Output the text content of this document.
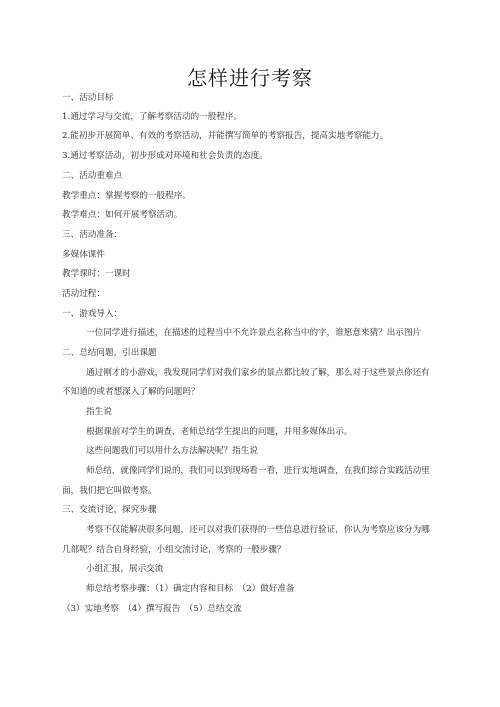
怎样进行考察
一、活动目标
1.通过学习与交流，了解考察活动的一般程序。
2.能初步开展简单、有效的考察活动，并能撰写简单的考察报告，提高实地考察能力。
3.通过考察活动，初步形成对环境和社会负责的态度。
二、活动重难点
教学重点：掌握考察的一般程序。
教学难点：如何开展考察活动。
三、活动准备：
多媒体课件
教学课时：一课时
活动过程：
一、游戏导入：
一位同学进行描述，在描述的过程当中不允许景点名称当中的字，谁愿意来猜？出示图片
二、总结问题，引出课题
通过刚才的小游戏，我发现同学们对我们家乡的景点都比较了解，那么对于这些景点你还有
不知道的或者想深入了解的问题吗？
指生说
根据课前对学生的调查，老师总结学生提出的问题，并用多媒体出示。
这些问题我们可以用什么方法解决呢？指生说
师总结，就像同学们说的，我们可以到现场看一看，进行实地调查，在我们综合实践活动里
面，我们把它叫做考察。
三、交流讨论，探究步骤
考察不仅能解决很多问题，还可以对我们获得的一些信息进行验证，你认为考察应该分为哪
几部呢？结合自身经验，小组交流讨论，考察的一般步骤？
小组汇报，展示交流
师总结考察步骤：（1）确定内容和目标　（2）做好准备
（3）实地考察　（4）撰写报告　（5）总结交流
